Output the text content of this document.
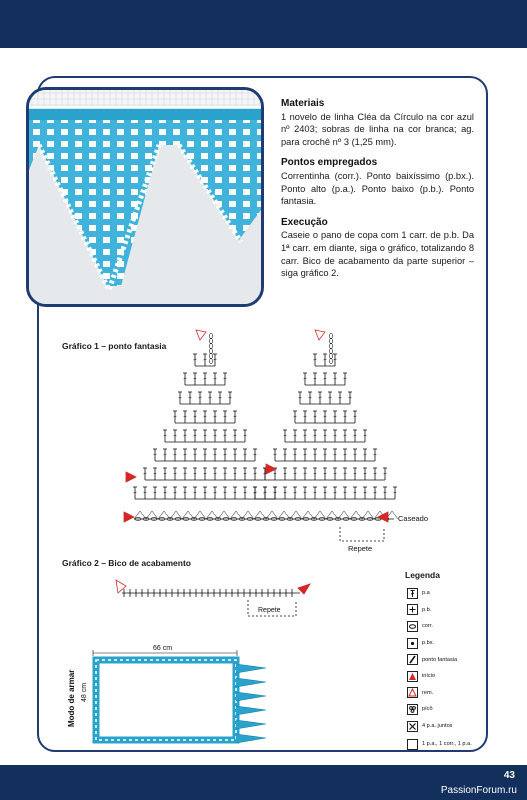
Materiais

1 novelo de linha Cléa da Círculo na cor azul nº 2403; sobras de linha na cor branca; ag. para crochê nº 3 (1,25 mm).

Pontos empregados

Correntinha (corr.). Ponto baixíssimo (p.bx.). Ponto alto (p.a.). Ponto baixo (p.b.). Ponto fantasia.

Execução

Caseie o pano de copa com 1 carr. de p.b. Da 1ª carr. em diante, siga o gráfico, totalizando 8 carr. Bico de acabamento da parte superior – siga gráfico 2.

Gráfico 1 – ponto fantasia
Gráfico 2 – Bico de acabamento
Legenda
Caseado
Repete
Repete
66 cm
Modo de armar 48 cm
p.a
p.b.
corr.
p.bx.
ponto fantasia
início
rem.
pícô
4 p.a. juntos
1 p.a., 1 corr., 1 p.a.
43
PassionForum.ru
